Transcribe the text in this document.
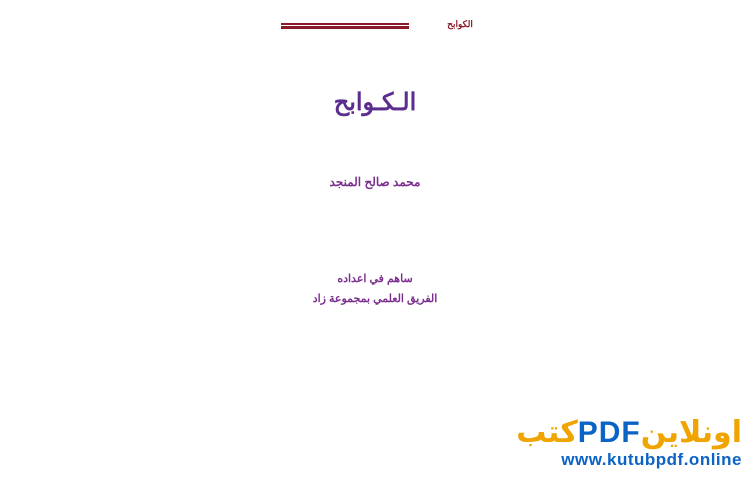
الكوابح
الـكـوابح
محمد صالح المنجد
ساهم في اعداده
الفريق العلمي بمجموعة زاد
كتبPDFاونلاين
www.kutubpdf.online
